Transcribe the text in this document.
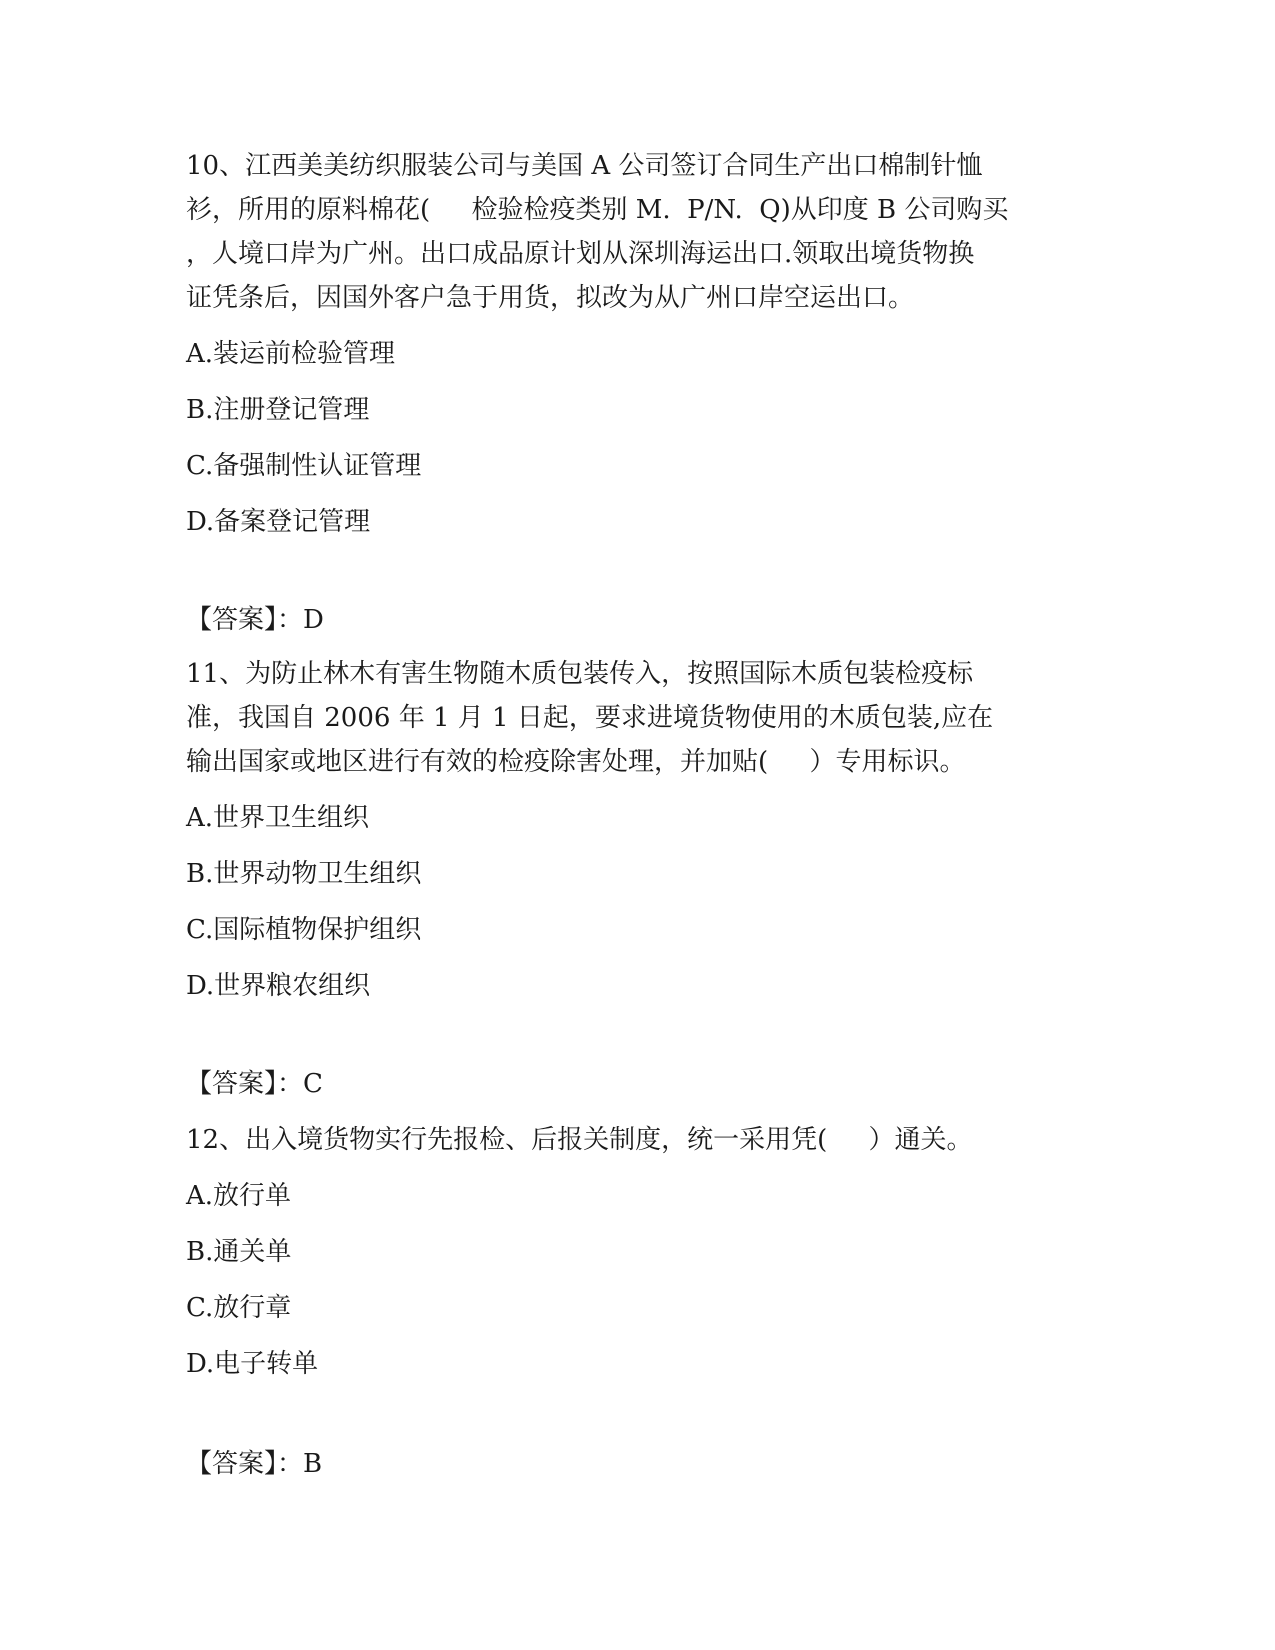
10、江西美美纺织服装公司与美国 A 公司签订合同生产出口棉制针恤
衫，所用的原料棉花(     检验检疫类别 M.  P/N.  Q)从印度 B 公司购买
，人境口岸为广州。出口成品原计划从深圳海运出口.领取出境货物换
证凭条后，因国外客户急于用货，拟改为从广州口岸空运出口。
A.装运前检验管理
B.注册登记管理
C.备强制性认证管理
D.备案登记管理
【答案】：D
11、为防止林木有害生物随木质包装传入，按照国际木质包装检疫标
准，我国自 2006 年 1 月 1 日起，要求进境货物使用的木质包装,应在
输出国家或地区进行有效的检疫除害处理，并加贴(     ）专用标识。
A.世界卫生组织
B.世界动物卫生组织
C.国际植物保护组织
D.世界粮农组织
【答案】：C
12、出入境货物实行先报检、后报关制度，统一采用凭(     ）通关。
A.放行单
B.通关单
C.放行章
D.电子转单
【答案】：B
